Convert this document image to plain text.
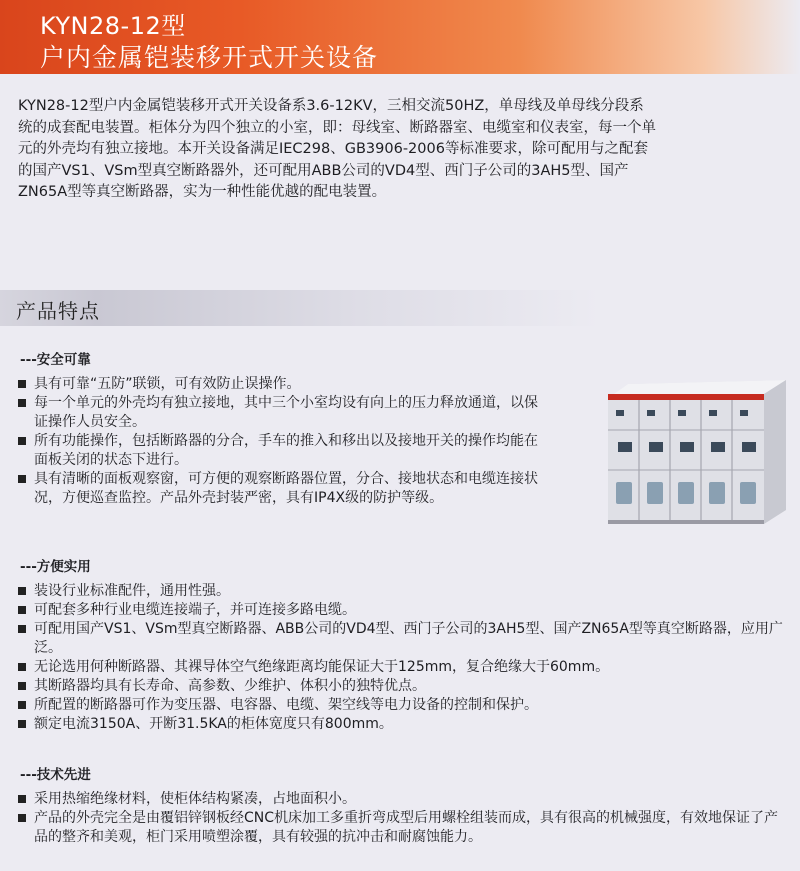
KYN28-12型
户内金属铠装移开式开关设备

KYN28-12型户内金属铠装移开式开关设备系3.6-12KV，三相交流50HZ，单母线及单母线分段系统的成套配电装置。柜体分为四个独立的小室，即：母线室、断路器室、电缆室和仪表室，每一个单元的外壳均有独立接地。本开关设备满足IEC298、GB3906-2006等标准要求，除可配用与之配套的国产VS1、VSm型真空断路器外，还可配用ABB公司的VD4型、西门子公司的3AH5型、国产ZN65A型等真空断路器，实为一种性能优越的配电装置。

产品特点
---安全可靠
具有可靠“五防”联锁，可有效防止误操作。
每一个单元的外壳均有独立接地，其中三个小室均设有向上的压力释放通道，以保证操作人员安全。
所有功能操作，包括断路器的分合，手车的推入和移出以及接地开关的操作均能在面板关闭的状态下进行。
具有清晰的面板观察窗，可方便的观察断路器位置，分合、接地状态和电缆连接状况，方便巡查监控。产品外壳封装严密，具有IP4X级的防护等级。
---方便实用
装设行业标准配件，通用性强。
可配套多种行业电缆连接端子，并可连接多路电缆。
可配用国产VS1、VSm型真空断路器、ABB公司的VD4型、西门子公司的3AH5型、国产ZN65A型等真空断路器，应用广泛。
无论选用何种断路器、其裸导体空气绝缘距离均能保证大于125mm，复合绝缘大于60mm。
其断路器均具有长寿命、高参数、少维护、体积小的独特优点。
所配置的断路器可作为变压器、电容器、电缆、架空线等电力设备的控制和保护。
额定电流3150A、开断31.5KA的柜体宽度只有800mm。
---技术先进
采用热缩绝缘材料，使柜体结构紧凑，占地面积小。
产品的外壳完全是由覆铝锌钢板经CNC机床加工多重折弯成型后用螺栓组装而成，具有很高的机械强度，有效地保证了产品的整齐和美观，柜门采用喷塑涂覆，具有较强的抗冲击和耐腐蚀能力。
